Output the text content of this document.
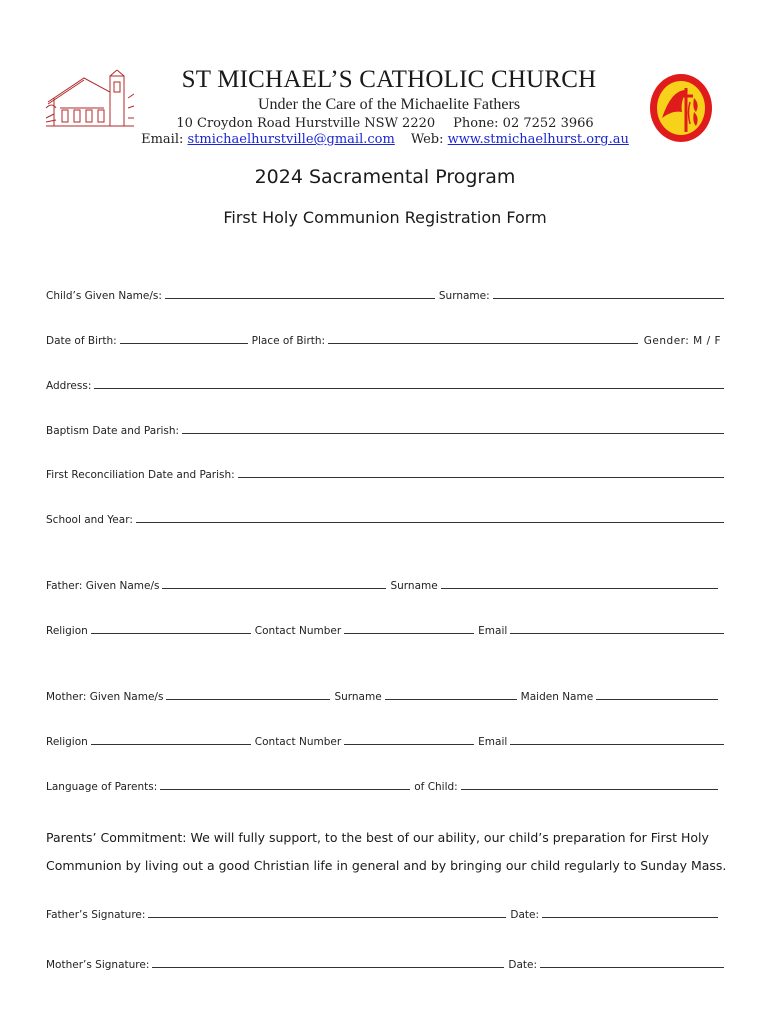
ST MICHAEL’S CATHOLIC CHURCH
Under the Care of the Michaelite Fathers
10 Croydon Road Hurstville NSW 2220 Phone: 02 7252 3966
Email: stmichaelhurstville@gmail.com Web: www.stmichaelhurst.org.au
2024 Sacramental Program
First Holy Communion Registration Form
Child’s Given Name/s:	Surname:
Date of Birth:	Place of Birth:	Gender: M / F
Address:
Baptism Date and Parish:
First Reconciliation Date and Parish:
School and Year:
Father: Given Name/s	Surname
Religion	Contact Number	Email
Mother: Given Name/s	Surname	Maiden Name
Religion	Contact Number	Email
Language of Parents:	of Child:
Parents’ Commitment: We will fully support, to the best of our ability, our child’s preparation for First Holy Communion by living out a good Christian life in general and by bringing our child regularly to Sunday Mass.
Father’s Signature:	Date:
Mother’s Signature:	Date:
